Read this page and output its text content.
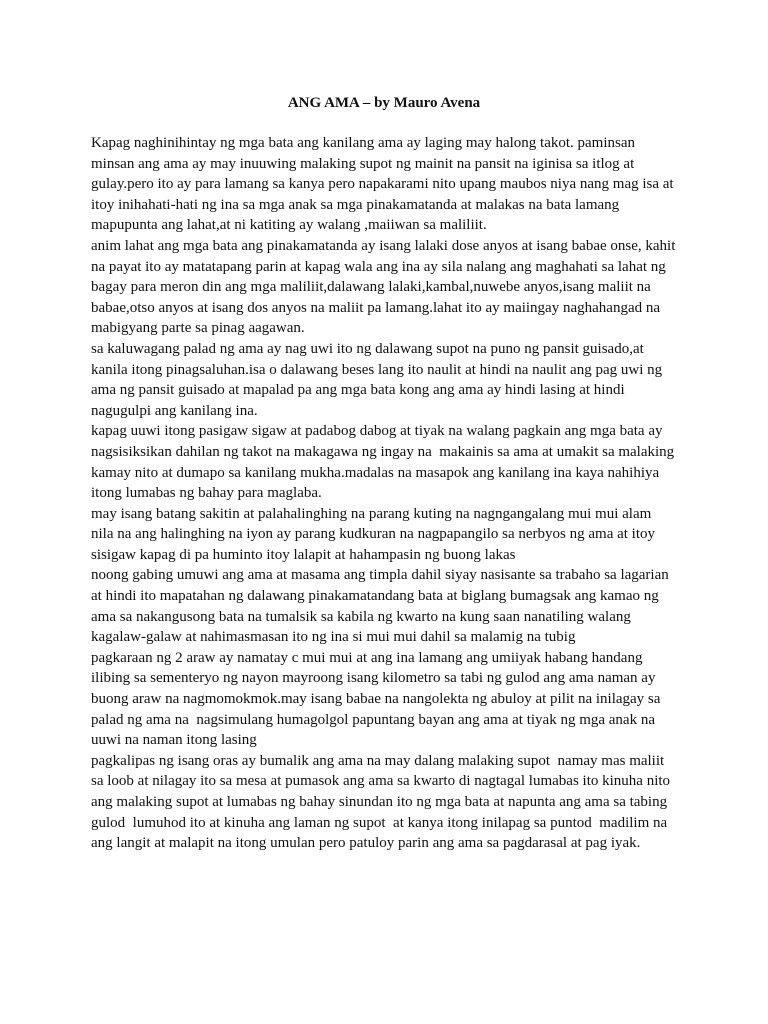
ANG AMA – by Mauro Avena
Kapag naghinihintay ng mga bata ang kanilang ama ay laging may halong takot. paminsan
minsan ang ama ay may inuuwing malaking supot ng mainit na pansit na iginisa sa itlog at
gulay.pero ito ay para lamang sa kanya pero napakarami nito upang maubos niya nang mag isa at
itoy inihahati-hati ng ina sa mga anak sa mga pinakamatanda at malakas na bata lamang
mapupunta ang lahat,at ni katiting ay walang ,maiiwan sa maliliit.
anim lahat ang mga bata ang pinakamatanda ay isang lalaki dose anyos at isang babae onse, kahit
na payat ito ay matatapang parin at kapag wala ang ina ay sila nalang ang maghahati sa lahat ng
bagay para meron din ang mga maliliit,dalawang lalaki,kambal,nuwebe anyos,isang maliit na
babae,otso anyos at isang dos anyos na maliit pa lamang.lahat ito ay maiingay naghahangad na
mabigyang parte sa pinag aagawan.
sa kaluwagang palad ng ama ay nag uwi ito ng dalawang supot na puno ng pansit guisado,at
kanila itong pinagsaluhan.isa o dalawang beses lang ito naulit at hindi na naulit ang pag uwi ng
ama ng pansit guisado at mapalad pa ang mga bata kong ang ama ay hindi lasing at hindi
nagugulpi ang kanilang ina.
kapag uuwi itong pasigaw sigaw at padabog dabog at tiyak na walang pagkain ang mga bata ay
nagsisiksikan dahilan ng takot na makagawa ng ingay na  makainis sa ama at umakit sa malaking
kamay nito at dumapo sa kanilang mukha.madalas na masapok ang kanilang ina kaya nahihiya
itong lumabas ng bahay para maglaba.
may isang batang sakitin at palahalinghing na parang kuting na nagngangalang mui mui alam
nila na ang halinghing na iyon ay parang kudkuran na nagpapangilo sa nerbyos ng ama at itoy
sisigaw kapag di pa huminto itoy lalapit at hahampasin ng buong lakas
noong gabing umuwi ang ama at masama ang timpla dahil siyay nasisante sa trabaho sa lagarian
at hindi ito mapatahan ng dalawang pinakamatandang bata at biglang bumagsak ang kamao ng
ama sa nakangusong bata na tumalsik sa kabila ng kwarto na kung saan nanatiling walang
kagalaw-galaw at nahimasmasan ito ng ina si mui mui dahil sa malamig na tubig
pagkaraan ng 2 araw ay namatay c mui mui at ang ina lamang ang umiiyak habang handang
ilibing sa sementeryo ng nayon mayroong isang kilometro sa tabi ng gulod ang ama naman ay
buong araw na nagmomokmok.may isang babae na nangolekta ng abuloy at pilit na inilagay sa
palad ng ama na  nagsimulang humagolgol papuntang bayan ang ama at tiyak ng mga anak na
uuwi na naman itong lasing
pagkalipas ng isang oras ay bumalik ang ama na may dalang malaking supot  namay mas maliit
sa loob at nilagay ito sa mesa at pumasok ang ama sa kwarto di nagtagal lumabas ito kinuha nito
ang malaking supot at lumabas ng bahay sinundan ito ng mga bata at napunta ang ama sa tabing
gulod  lumuhod ito at kinuha ang laman ng supot  at kanya itong inilapag sa puntod  madilim na
ang langit at malapit na itong umulan pero patuloy parin ang ama sa pagdarasal at pag iyak.
